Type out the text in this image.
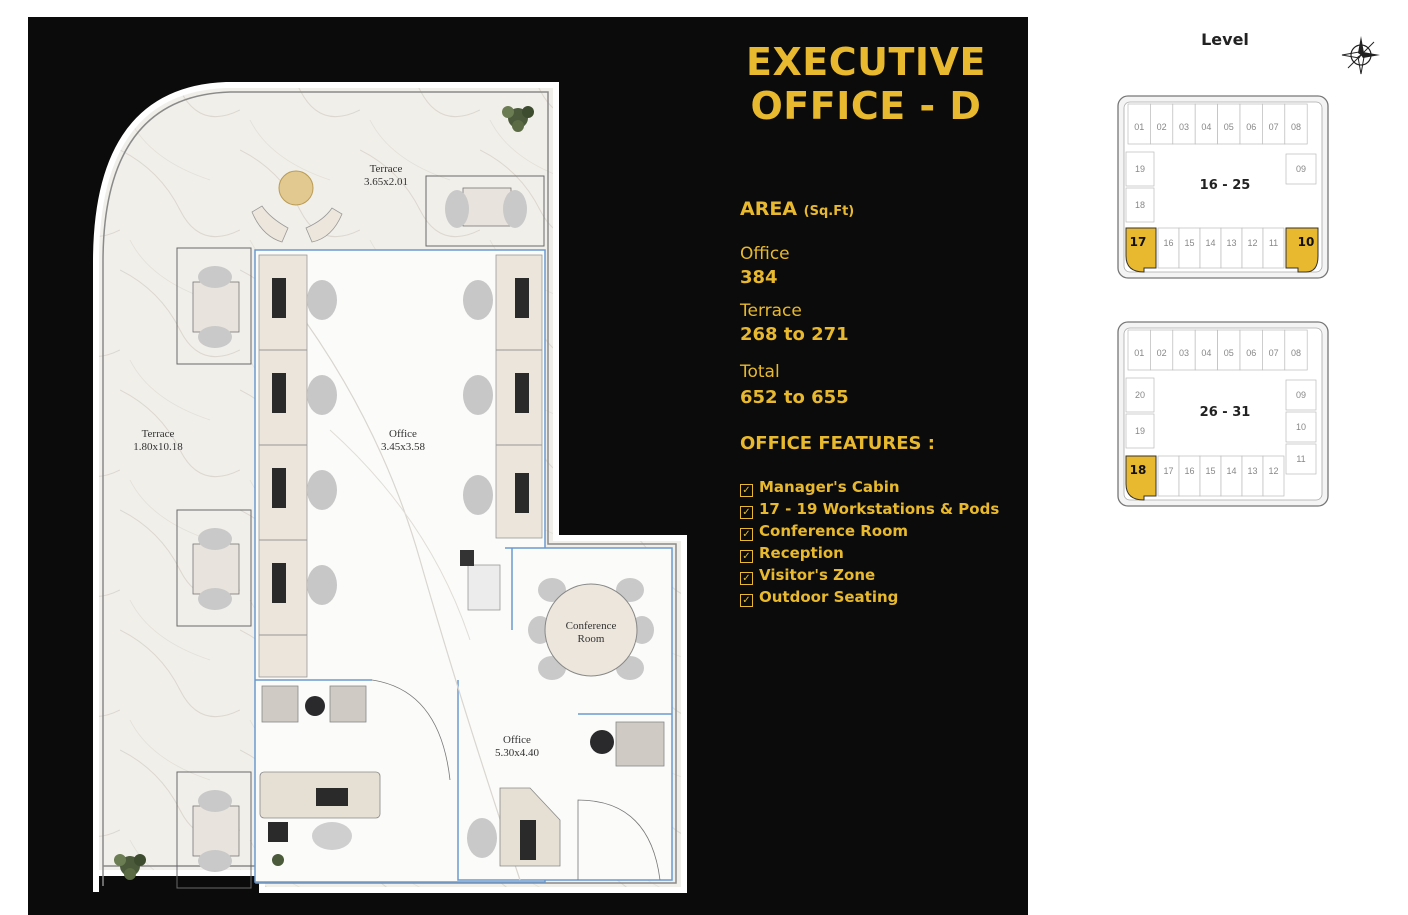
Terrace
3.65x2.01
Terrace
1.80x10.18
Office
3.45x3.58
Conference
Room
Office
5.30x4.40
EXECUTIVE
OFFICE - D
AREA (Sq.Ft)
Office
384
Terrace
268 to 271
Total
652 to 655
OFFICE FEATURES :
✓ Manager's Cabin
✓ 17 - 19 Workstations & Pods
✓ Conference Room
✓ Reception
✓ Visitor's Zone
✓ Outdoor Seating
Level
01 02 03 04 05 06 07 08
16 15 14 13 12 11
19
18
09
17	10
16 - 25
01 02 03 04 05 06 07 08
17 16 15 14 13 12
20
19
09
10
11
18
26 - 31
